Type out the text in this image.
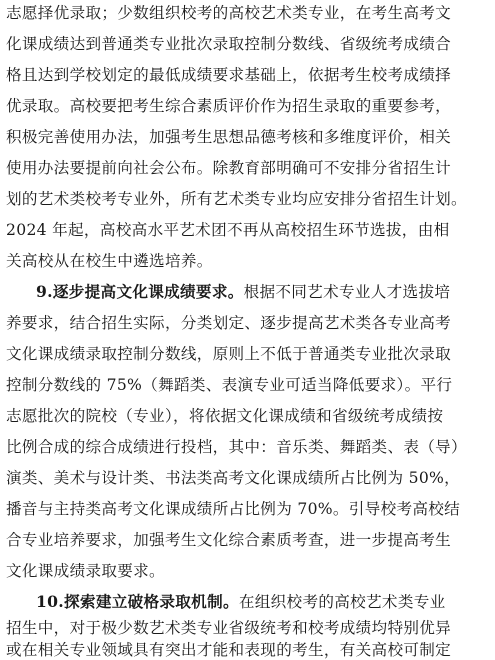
志愿择优录取；少数组织校考的高校艺术类专业，在考生高考文
化课成绩达到普通类专业批次录取控制分数线、省级统考成绩合
格且达到学校划定的最低成绩要求基础上，依据考生校考成绩择
优录取。高校要把考生综合素质评价作为招生录取的重要参考，
积极完善使用办法，加强考生思想品德考核和多维度评价，相关
使用办法要提前向社会公布。除教育部明确可不安排分省招生计
划的艺术类校考专业外，所有艺术类专业均应安排分省招生计划。
2024 年起，高校高水平艺术团不再从高校招生环节选拔，由相
关高校从在校生中遴选培养。
9.逐步提高文化课成绩要求。根据不同艺术专业人才选拔培
养要求，结合招生实际，分类划定、逐步提高艺术类各专业高考
文化课成绩录取控制分数线，原则上不低于普通类专业批次录取
控制分数线的 75%（舞蹈类、表演专业可适当降低要求）。平行
志愿批次的院校（专业），将依据文化课成绩和省级统考成绩按
比例合成的综合成绩进行投档，其中：音乐类、舞蹈类、表（导）
演类、美术与设计类、书法类高考文化课成绩所占比例为 50%，
播音与主持类高考文化课成绩所占比例为 70%。引导校考高校结
合专业培养要求，加强考生文化综合素质考查，进一步提高考生
文化课成绩录取要求。
10.探索建立破格录取机制。在组织校考的高校艺术类专业
招生中，对于极少数艺术类专业省级统考和校考成绩均特别优异
或在相关专业领域具有突出才能和表现的考生，有关高校可制定
